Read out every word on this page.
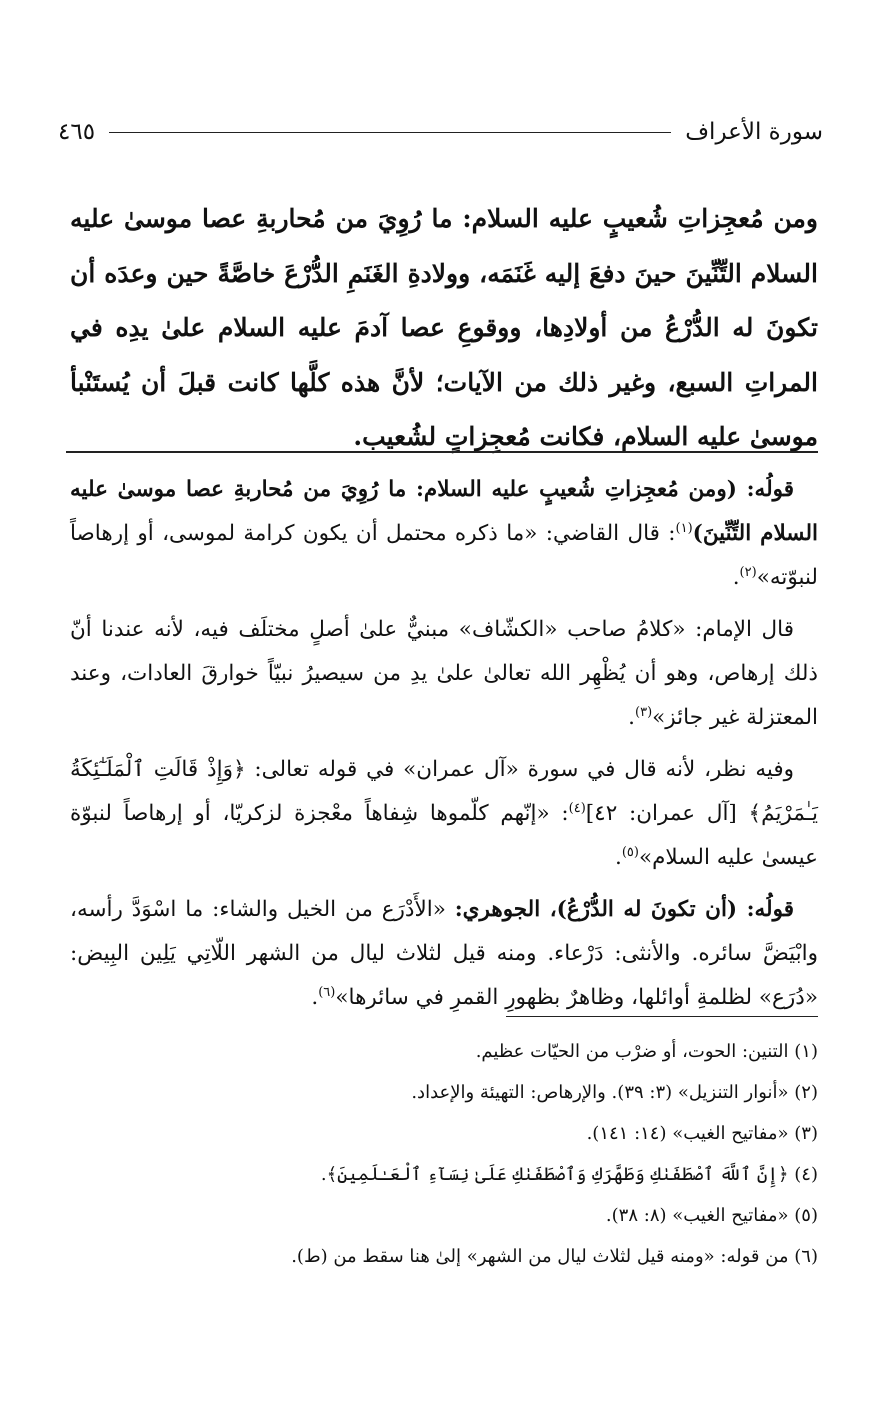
سورة الأعراف
٤٦٥
ومن مُعجِزاتِ شُعيبٍ عليه السلام: ما رُوِيَ من مُحاربةِ عصا موسىٰ عليه السلام التِّنِّينَ حينَ دفعَ إليه غَنَمَه، وولادةِ الغَنَمِ الدُّرْعَ خاصَّةً حين وعدَه أن تكونَ له الدُّرْعُ من أولادِها، ووقوعِ عصا آدمَ عليه السلام علىٰ يدِه في المراتِ السبع، وغير ذلك من الآيات؛ لأنَّ هذه كلَّها كانت قبلَ أن يُستَنْبأ موسىٰ عليه السلام، فكانت مُعجِزاتٍ لشُعيب.

قولُه: (ومن مُعجِزاتِ شُعيبٍ عليه السلام: ما رُوِيَ من مُحاربةِ عصا موسىٰ عليه السلام التِّنِّينَ)$^{(١)}$: قال القاضي: «ما ذكره محتمل أن يكون كرامة لموسى، أو إرهاصاً لنبوّته»$^{(٢)}$.

قال الإمام: «كلامُ صاحب «الكشّاف» مبنيٌّ علىٰ أصلٍ مختلَف فيه، لأنه عندنا أنّ ذلك إرهاص، وهو أن يُظْهِر الله تعالىٰ علىٰ يدِ من سيصيرُ نبيّاً خوارقَ العادات، وعند المعتزلة غير جائز»$^{(٣)}$.

وفيه نظر، لأنه قال في سورة «آل عمران» في قوله تعالى: ﴿وَإِذْ قَالَتِ ٱلْمَلَـٰٓئِكَةُ يَـٰمَرْيَمُ﴾ [آل عمران: ٤٢]$^{(٤)}$: «إنّهم كلّموها شِفاهاً معْجزة لزكريّا، أو إرهاصاً لنبوّة عيسىٰ عليه السلام»$^{(٥)}$.

قولُه: (أن تكونَ له الدُّرْعُ)، الجوهري: «الأَدْرَع من الخيل والشاء: ما اسْوَدَّ رأسه، وابْيَضَّ سائره. والأنثى: دَرْعاء. ومنه قيل لثلاث ليال من الشهر اللّاتِي يَلِين البِيض: «دُرَع» لظلمةِ أوائلها، وظاهرٌ بظهورِ القمرِ في سائرها»$^{(٦)}$.

(١) التنين: الحوت، أو ضرْب من الحيّات عظيم.
(٢) «أنوار التنزيل» (٣: ٣٩). والإرهاص: التهيئة والإعداد.
(٣) «مفاتيح الغيب» (١٤: ١٤١).
(٤) ﴿إِنَّ ٱللَّهَ ٱصْطَفَىٰكِ وَطَهَّرَكِ وَٱصْطَفَىٰكِ عَلَىٰ نِسَآءِ ٱلْعَـٰلَمِينَ﴾.
(٥) «مفاتيح الغيب» (٨: ٣٨).
(٦) من قوله: «ومنه قيل لثلاث ليال من الشهر» إلىٰ هنا سقط من (ط).
